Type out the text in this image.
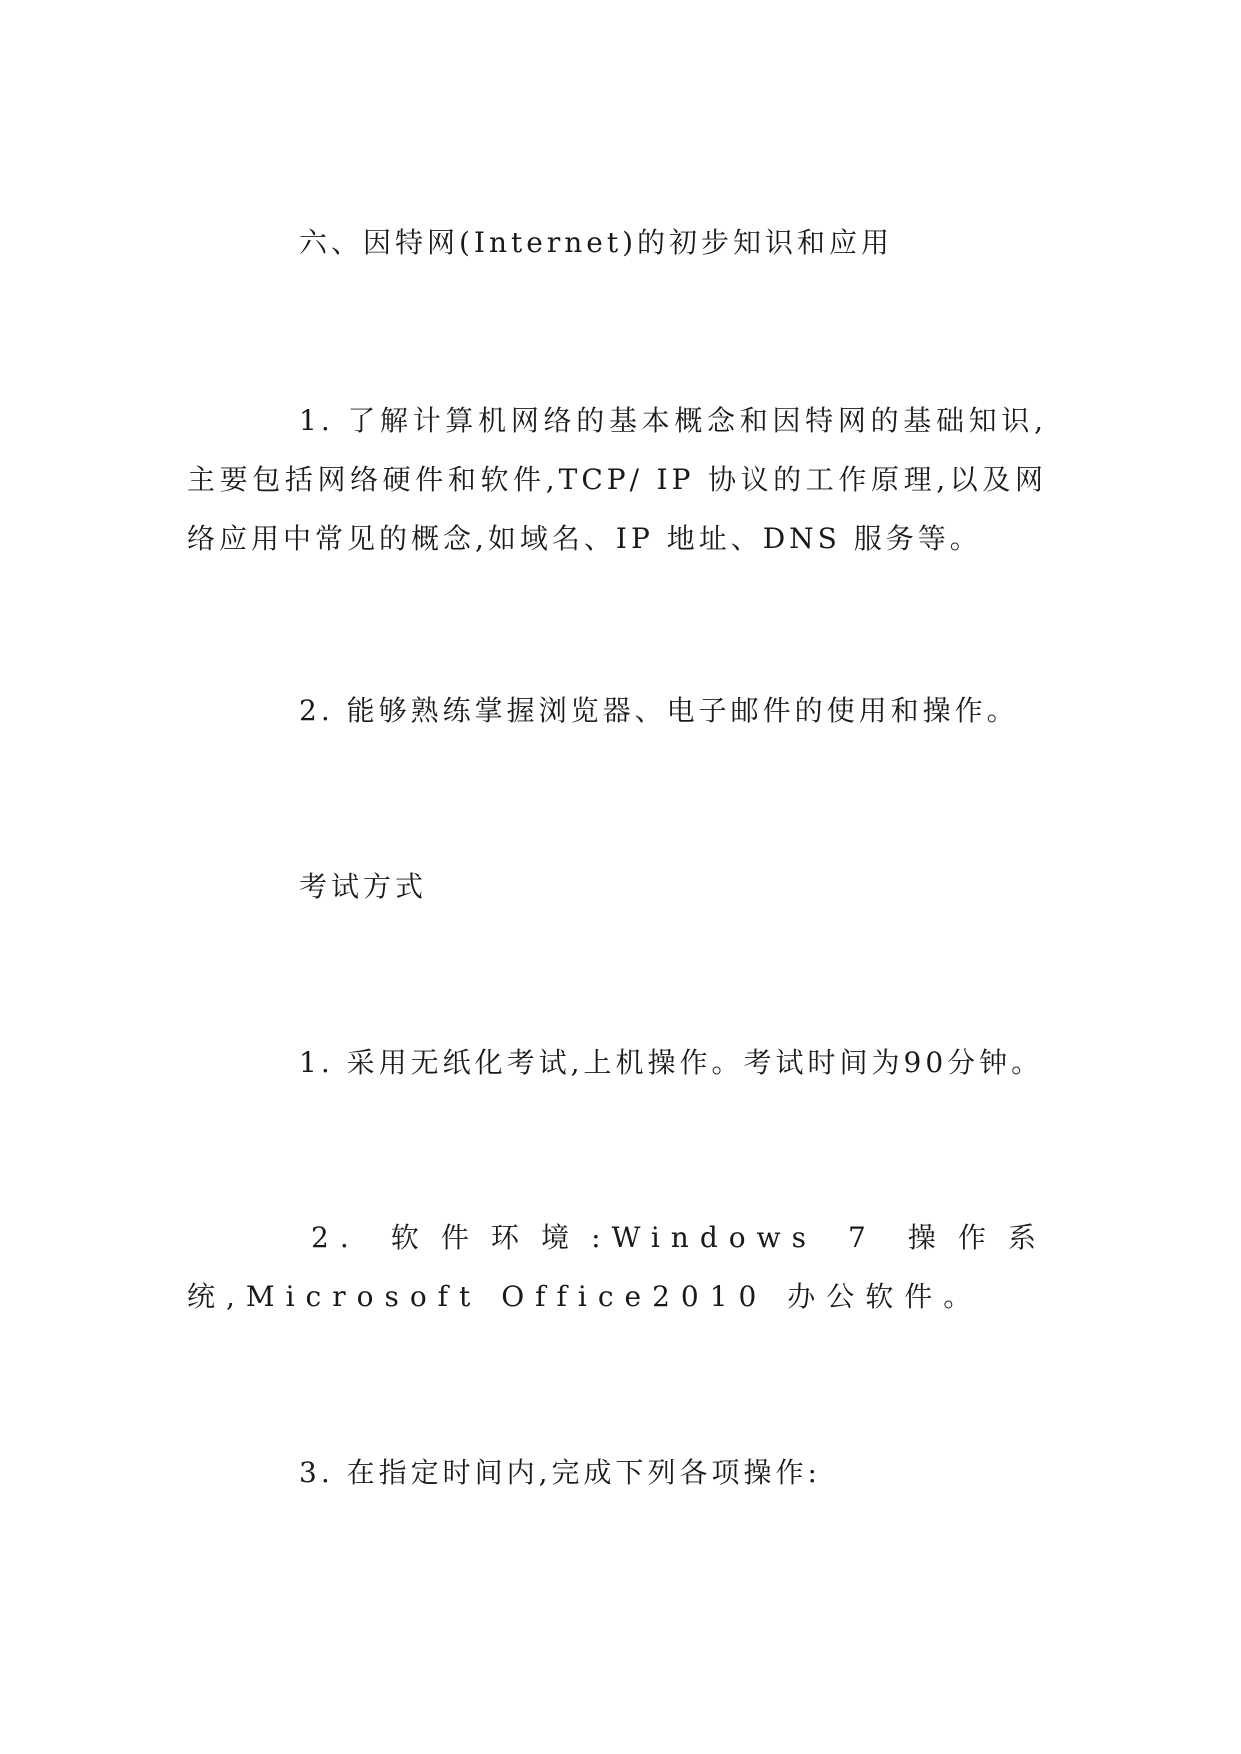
六、因特网(Internet)的初步知识和应用

1. 了解计算机网络的基本概念和因特网的基础知识,主要包括网络硬件和软件,TCP/ IP 协议的工作原理,以及网络应用中常见的概念,如域名、IP 地址、DNS 服务等。

2. 能够熟练掌握浏览器、电子邮件的使用和操作。

考试方式

1. 采用无纸化考试,上机操作。考试时间为90分钟。

2. 软件环境:Windows 7 操作系统,Microsoft Office2010 办公软件。

3. 在指定时间内,完成下列各项操作:
